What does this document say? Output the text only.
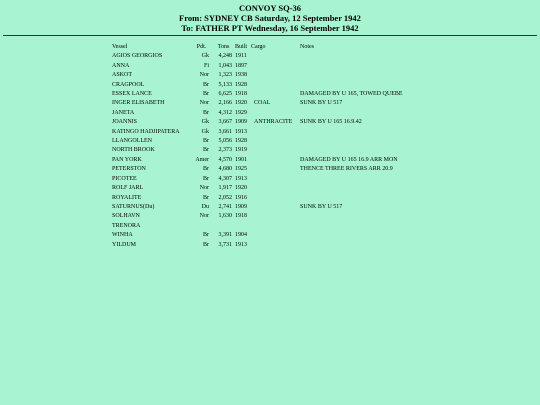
CONVOY SQ-36
From: SYDNEY CB Saturday, 12 September 1942
To: FATHER PT Wednesday, 16 September 1942
Vessel	Pdt.	Tons	Built	Cargo	Notes
AGIOS GEORGIOS	Gk	4,248	1911		
ANNA	Fi	1,043	1897		
ASKOT	Nor	1,323	1938		
CRAGPOOL	Br	5,133	1928		
ESSEX LANCE	Br	6,625	1918		DAMAGED BY U 165, TOWED QUEBE
INGER ELISABETH	Nor	2,166	1920	COAL	SUNK BY U 517
JANETA	Br	4,312	1929		
JOANNIS	Gk	3,667	1909	ANTHRACITE	SUNK BY U 165 16.9.42
KATINGO HADJIPATERA	Gk	3,661	1913		
LLANGOLLEN	Br	5,056	1928		
NORTH BROOK	Br	2,373	1919		
PAN YORK	Amer	4,570	1901		DAMAGED BY U 165 16.9 ARR MON
PETERSTON	Br	4,680	1925		THENCE THREE RIVERS ARR 20.9
PICOTEE	Br	4,307	1913		
ROLF JARL	Nor	1,917	1920		
ROYALITE	Br	2,052	1916		
SATURNUS(Du)	Du	2,741	1909		SUNK BY U 517
SOLHAVN	Nor	1,630	1918		
TRENORA					
WINHA	Br	3,391	1904		
YILDUM	Br	3,731	1913		
